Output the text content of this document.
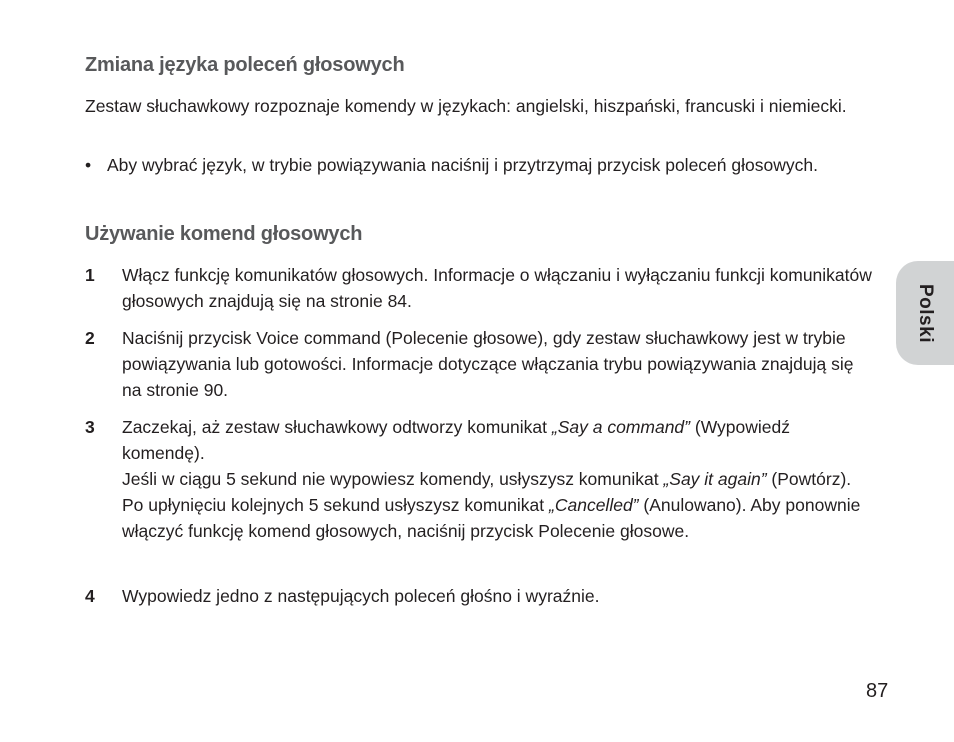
Zmiana języka poleceń głosowych

Zestaw słuchawkowy rozpoznaje komendy w językach: angielski, hiszpański, francuski i niemiecki.

• Aby wybrać język, w trybie powiązywania naciśnij i przytrzymaj przycisk poleceń głosowych.
Używanie komend głosowych
1 Włącz funkcję komunikatów głosowych. Informacje o włączaniu i wyłączaniu funkcji komunikatów głosowych znajdują się na stronie 84.
2 Naciśnij przycisk Voice command (Polecenie głosowe), gdy zestaw słuchawkowy jest w trybie powiązywania lub gotowości. Informacje dotyczące włączania trybu powiązywania znajdują się na stronie 90.
3 Zaczekaj, aż zestaw słuchawkowy odtworzy komunikat „Say a command” (Wypowiedź komendę).
Jeśli w ciągu 5 sekund nie wypowiesz komendy, usłyszysz komunikat „Say it again” (Powtórz). Po upłynięciu kolejnych 5 sekund usłyszysz komunikat „Cancelled” (Anulowano). Aby ponownie włączyć funkcję komend głosowych, naciśnij przycisk Polecenie głosowe.
4 Wypowiedz jedno z następujących poleceń głośno i wyraźnie.
Polski
87
